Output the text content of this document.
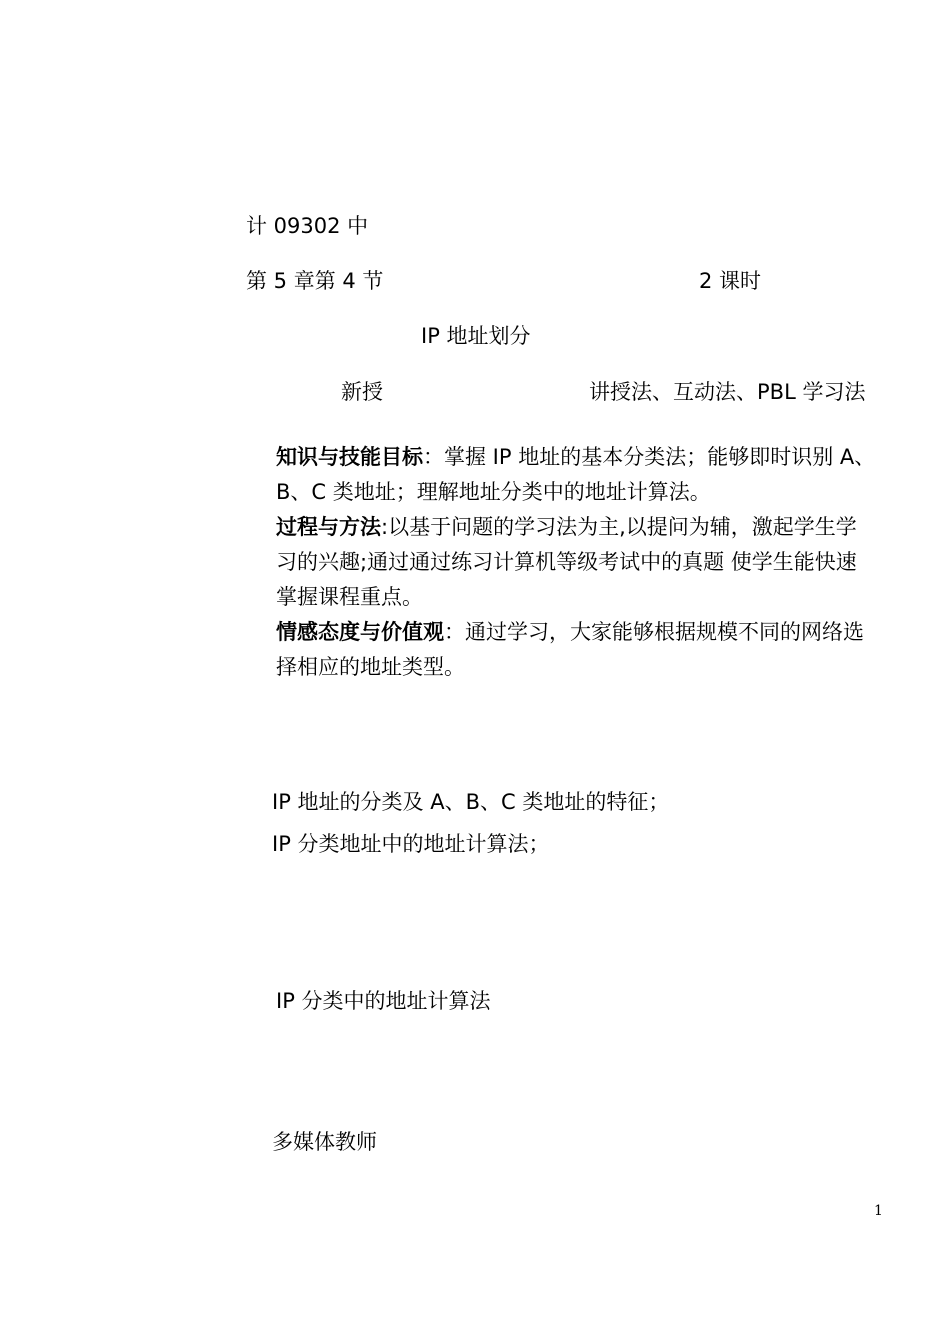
计 09302 中
第 5 章第 4 节	2 课时
IP 地址划分
新授	讲授法、互动法、PBL 学习法

知识与技能目标：掌握 IP 地址的基本分类法；能够即时识别 A、B、C 类地址；理解地址分类中的地址计算法。

过程与方法:以基于问题的学习法为主,以提问为辅，激起学生学习的兴趣;通过通过练习计算机等级考试中的真题 使学生能快速掌握课程重点。

情感态度与价值观：通过学习，大家能够根据规模不同的网络选择相应的地址类型。

IP 地址的分类及 A、B、C 类地址的特征；
IP 分类地址中的地址计算法；
IP 分类中的地址计算法
多媒体教师
1
